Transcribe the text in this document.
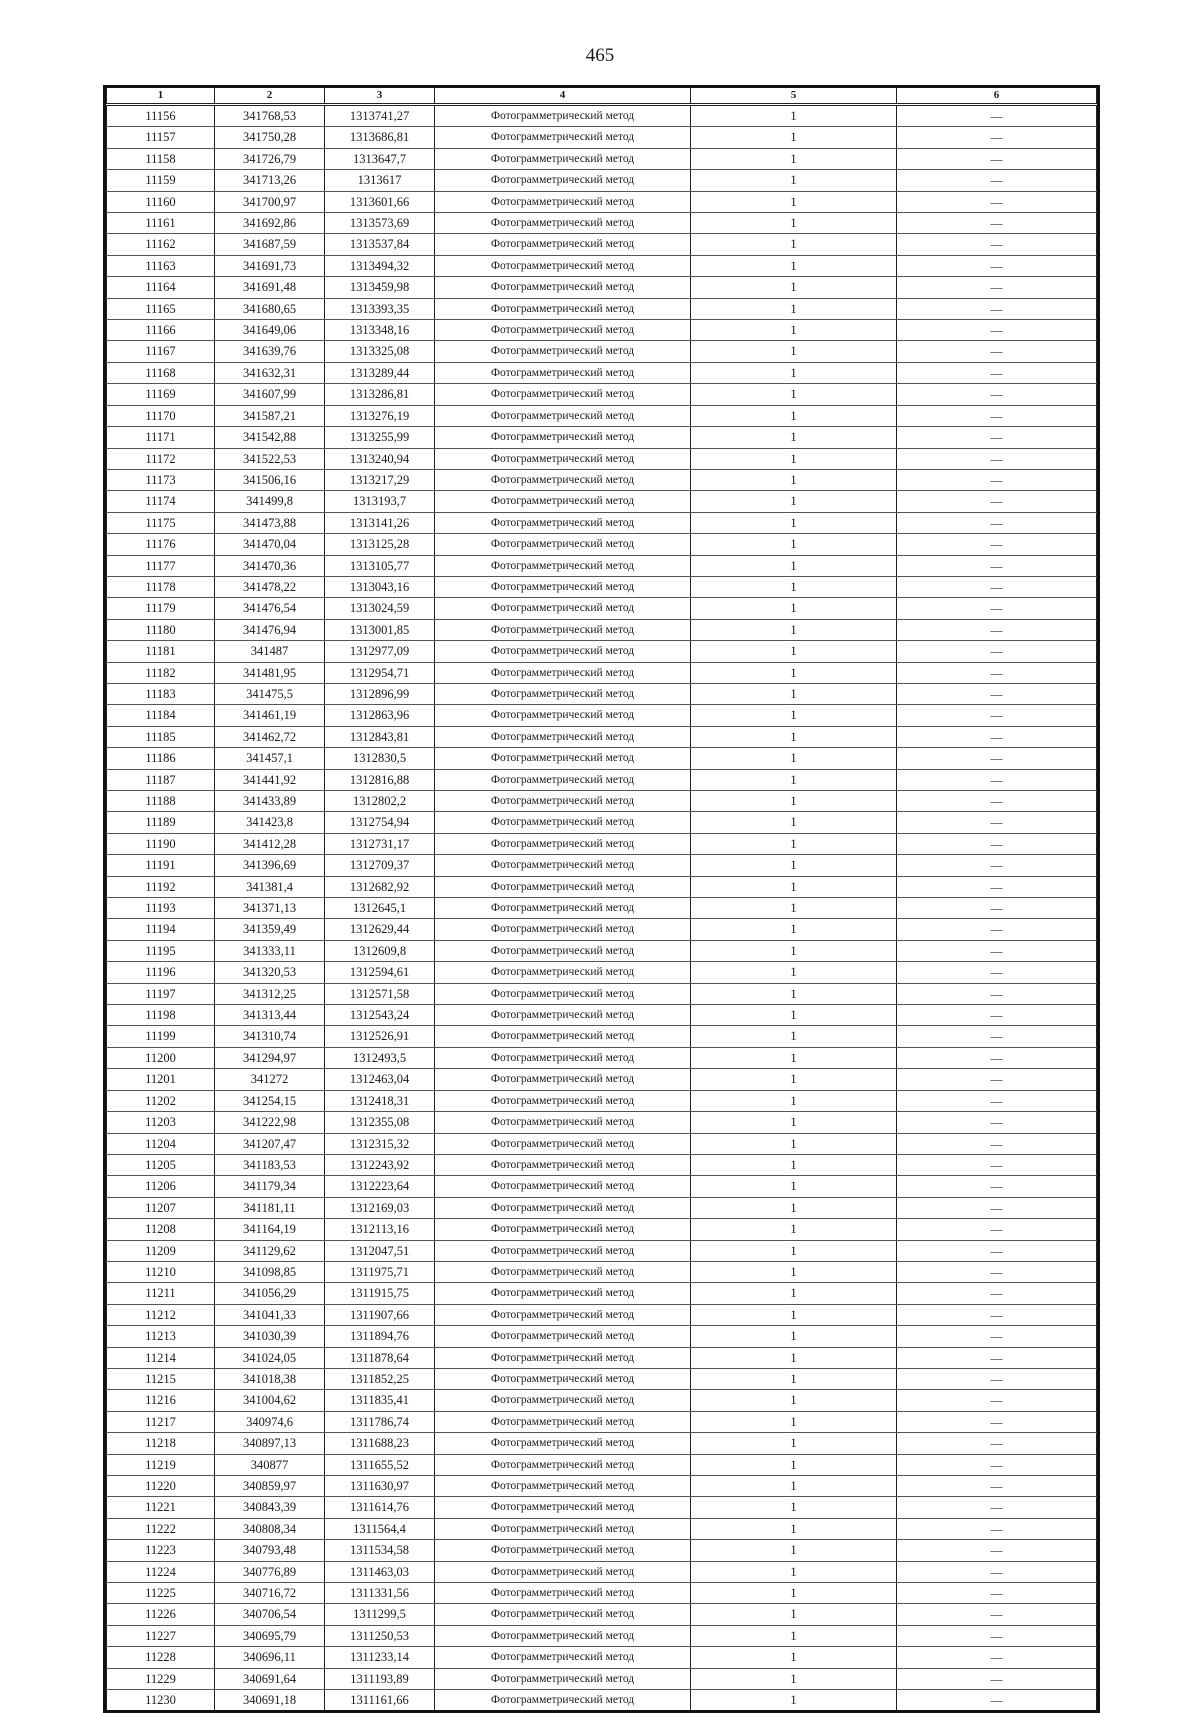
465
1	2	3	4	5	6
11156	341768,53	1313741,27	Фотограмметрический метод	1	—
11157	341750,28	1313686,81	Фотограмметрический метод	1	—
11158	341726,79	1313647,7	Фотограмметрический метод	1	—
11159	341713,26	1313617	Фотограмметрический метод	1	—
11160	341700,97	1313601,66	Фотограмметрический метод	1	—
11161	341692,86	1313573,69	Фотограмметрический метод	1	—
11162	341687,59	1313537,84	Фотограмметрический метод	1	—
11163	341691,73	1313494,32	Фотограмметрический метод	1	—
11164	341691,48	1313459,98	Фотограмметрический метод	1	—
11165	341680,65	1313393,35	Фотограмметрический метод	1	—
11166	341649,06	1313348,16	Фотограмметрический метод	1	—
11167	341639,76	1313325,08	Фотограмметрический метод	1	—
11168	341632,31	1313289,44	Фотограмметрический метод	1	—
11169	341607,99	1313286,81	Фотограмметрический метод	1	—
11170	341587,21	1313276,19	Фотограмметрический метод	1	—
11171	341542,88	1313255,99	Фотограмметрический метод	1	—
11172	341522,53	1313240,94	Фотограмметрический метод	1	—
11173	341506,16	1313217,29	Фотограмметрический метод	1	—
11174	341499,8	1313193,7	Фотограмметрический метод	1	—
11175	341473,88	1313141,26	Фотограмметрический метод	1	—
11176	341470,04	1313125,28	Фотограмметрический метод	1	—
11177	341470,36	1313105,77	Фотограмметрический метод	1	—
11178	341478,22	1313043,16	Фотограмметрический метод	1	—
11179	341476,54	1313024,59	Фотограмметрический метод	1	—
11180	341476,94	1313001,85	Фотограмметрический метод	1	—
11181	341487	1312977,09	Фотограмметрический метод	1	—
11182	341481,95	1312954,71	Фотограмметрический метод	1	—
11183	341475,5	1312896,99	Фотограмметрический метод	1	—
11184	341461,19	1312863,96	Фотограмметрический метод	1	—
11185	341462,72	1312843,81	Фотограмметрический метод	1	—
11186	341457,1	1312830,5	Фотограмметрический метод	1	—
11187	341441,92	1312816,88	Фотограмметрический метод	1	—
11188	341433,89	1312802,2	Фотограмметрический метод	1	—
11189	341423,8	1312754,94	Фотограмметрический метод	1	—
11190	341412,28	1312731,17	Фотограмметрический метод	1	—
11191	341396,69	1312709,37	Фотограмметрический метод	1	—
11192	341381,4	1312682,92	Фотограмметрический метод	1	—
11193	341371,13	1312645,1	Фотограмметрический метод	1	—
11194	341359,49	1312629,44	Фотограмметрический метод	1	—
11195	341333,11	1312609,8	Фотограмметрический метод	1	—
11196	341320,53	1312594,61	Фотограмметрический метод	1	—
11197	341312,25	1312571,58	Фотограмметрический метод	1	—
11198	341313,44	1312543,24	Фотограмметрический метод	1	—
11199	341310,74	1312526,91	Фотограмметрический метод	1	—
11200	341294,97	1312493,5	Фотограмметрический метод	1	—
11201	341272	1312463,04	Фотограмметрический метод	1	—
11202	341254,15	1312418,31	Фотограмметрический метод	1	—
11203	341222,98	1312355,08	Фотограмметрический метод	1	—
11204	341207,47	1312315,32	Фотограмметрический метод	1	—
11205	341183,53	1312243,92	Фотограмметрический метод	1	—
11206	341179,34	1312223,64	Фотограмметрический метод	1	—
11207	341181,11	1312169,03	Фотограмметрический метод	1	—
11208	341164,19	1312113,16	Фотограмметрический метод	1	—
11209	341129,62	1312047,51	Фотограмметрический метод	1	—
11210	341098,85	1311975,71	Фотограмметрический метод	1	—
11211	341056,29	1311915,75	Фотограмметрический метод	1	—
11212	341041,33	1311907,66	Фотограмметрический метод	1	—
11213	341030,39	1311894,76	Фотограмметрический метод	1	—
11214	341024,05	1311878,64	Фотограмметрический метод	1	—
11215	341018,38	1311852,25	Фотограмметрический метод	1	—
11216	341004,62	1311835,41	Фотограмметрический метод	1	—
11217	340974,6	1311786,74	Фотограмметрический метод	1	—
11218	340897,13	1311688,23	Фотограмметрический метод	1	—
11219	340877	1311655,52	Фотограмметрический метод	1	—
11220	340859,97	1311630,97	Фотограмметрический метод	1	—
11221	340843,39	1311614,76	Фотограмметрический метод	1	—
11222	340808,34	1311564,4	Фотограмметрический метод	1	—
11223	340793,48	1311534,58	Фотограмметрический метод	1	—
11224	340776,89	1311463,03	Фотограмметрический метод	1	—
11225	340716,72	1311331,56	Фотограмметрический метод	1	—
11226	340706,54	1311299,5	Фотограмметрический метод	1	—
11227	340695,79	1311250,53	Фотограмметрический метод	1	—
11228	340696,11	1311233,14	Фотограмметрический метод	1	—
11229	340691,64	1311193,89	Фотограмметрический метод	1	—
11230	340691,18	1311161,66	Фотограмметрический метод	1	—
